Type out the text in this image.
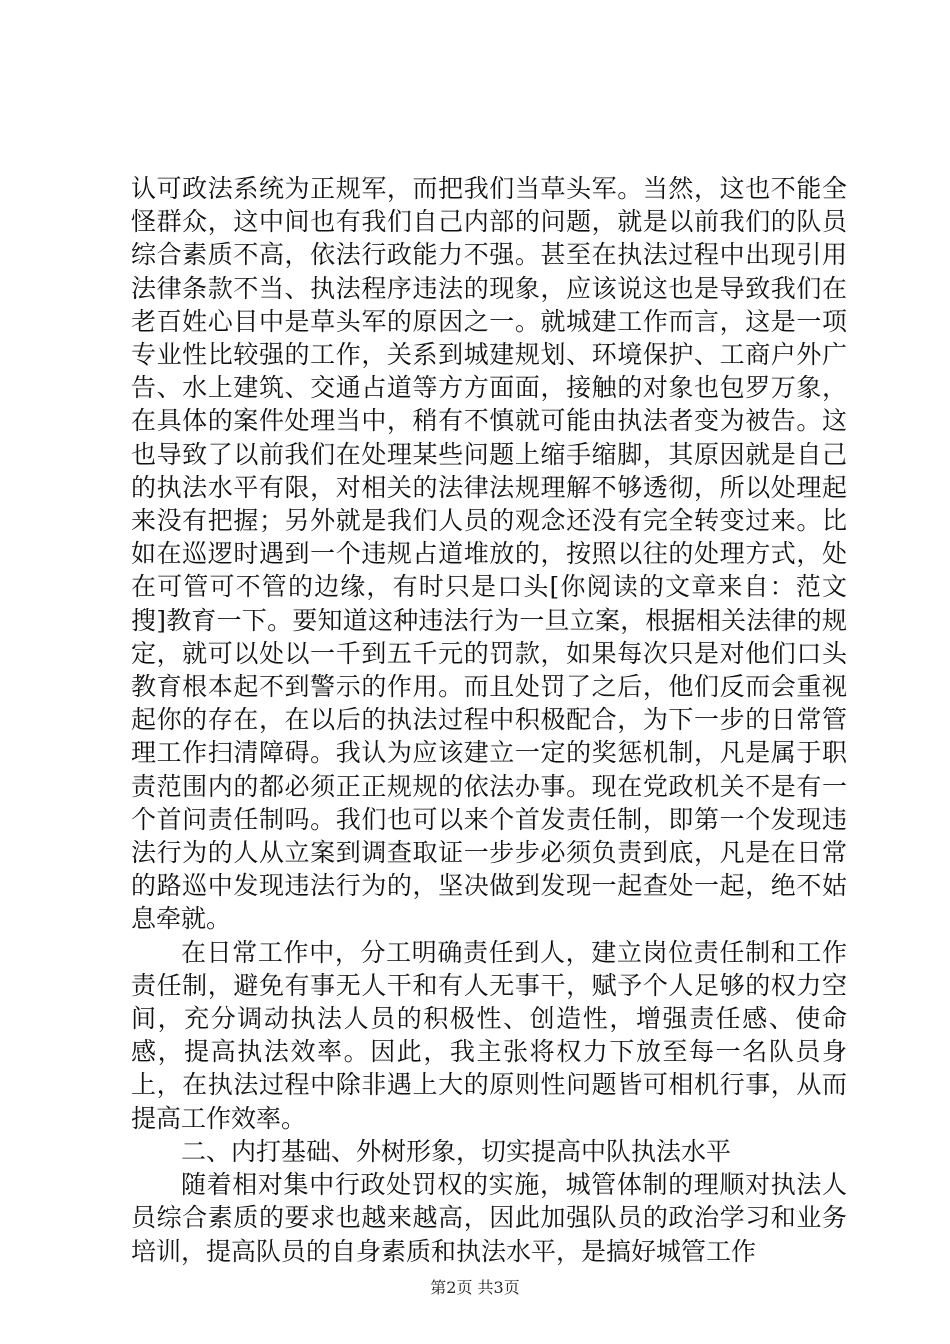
认可政法系统为正规军，而把我们当草头军。当然，这也不能全怪群众，这中间也有我们自己内部的问题，就是以前我们的队员综合素质不高，依法行政能力不强。甚至在执法过程中出现引用法律条款不当、执法程序违法的现象，应该说这也是导致我们在老百姓心目中是草头军的原因之一。就城建工作而言，这是一项专业性比较强的工作，关系到城建规划、环境保护、工商户外广告、水上建筑、交通占道等方方面面，接触的对象也包罗万象，在具体的案件处理当中，稍有不慎就可能由执法者变为被告。这也导致了以前我们在处理某些问题上缩手缩脚，其原因就是自己的执法水平有限，对相关的法律法规理解不够透彻，所以处理起来没有把握；另外就是我们人员的观念还没有完全转变过来。比如在巡逻时遇到一个违规占道堆放的，按照以往的处理方式，处在可管可不管的边缘，有时只是口头[你阅读的文章来自：范文搜]教育一下。要知道这种违法行为一旦立案，根据相关法律的规定，就可以处以一千到五千元的罚款，如果每次只是对他们口头教育根本起不到警示的作用。而且处罚了之后，他们反而会重视起你的存在，在以后的执法过程中积极配合，为下一步的日常管理工作扫清障碍。我认为应该建立一定的奖惩机制，凡是属于职责范围内的都必须正正规规的依法办事。现在党政机关不是有一个首问责任制吗。我们也可以来个首发责任制，即第一个发现违法行为的人从立案到调查取证一步步必须负责到底，凡是在日常的路巡中发现违法行为的，坚决做到发现一起查处一起，绝不姑息牵就。

在日常工作中，分工明确责任到人，建立岗位责任制和工作责任制，避免有事无人干和有人无事干，赋予个人足够的权力空间，充分调动执法人员的积极性、创造性，增强责任感、使命感，提高执法效率。因此，我主张将权力下放至每一名队员身上，在执法过程中除非遇上大的原则性问题皆可相机行事，从而提高工作效率。

二、内打基础、外树形象，切实提高中队执法水平

随着相对集中行政处罚权的实施，城管体制的理顺对执法人员综合素质的要求也越来越高，因此加强队员的政治学习和业务培训，提高队员的自身素质和执法水平，是搞好城管工作

第2页 共3页
